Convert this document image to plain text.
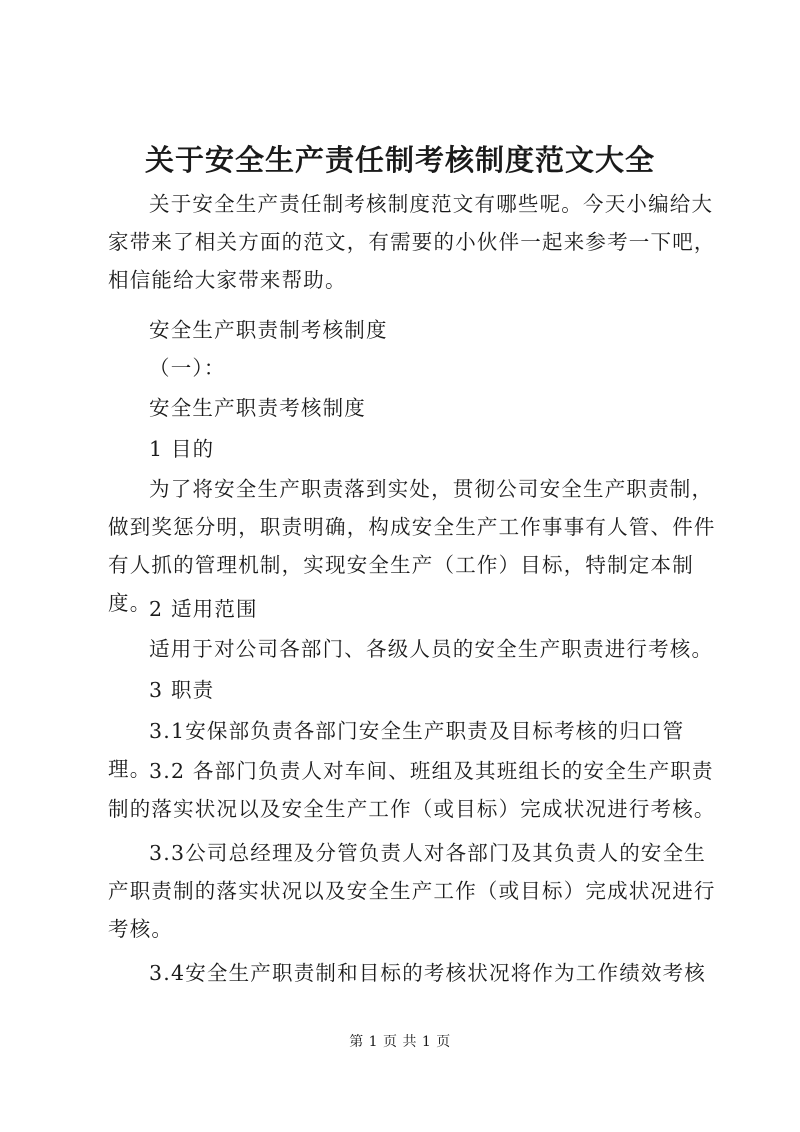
关于安全生产责任制考核制度范文大全

关于安全生产责任制考核制度范文有哪些呢。今天小编给大家带来了相关方面的范文，有需要的小伙伴一起来参考一下吧，相信能给大家带来帮助。

安全生产职责制考核制度

（一）：

安全生产职责考核制度

1 目的

为了将安全生产职责落到实处，贯彻公司安全生产职责制，做到奖惩分明，职责明确，构成安全生产工作事事有人管、件件有人抓的管理机制，实现安全生产（工作）目标，特制定本制度。

2 适用范围

适用于对公司各部门、各级人员的安全生产职责进行考核。

3 职责

3.1安保部负责各部门安全生产职责及目标考核的归口管理。

3.2 各部门负责人对车间、班组及其班组长的安全生产职责制的落实状况以及安全生产工作（或目标）完成状况进行考核。

3.3公司总经理及分管负责人对各部门及其负责人的安全生产职责制的落实状况以及安全生产工作（或目标）完成状况进行考核。

3.4安全生产职责制和目标的考核状况将作为工作绩效考核

第 1 页 共 1 页
